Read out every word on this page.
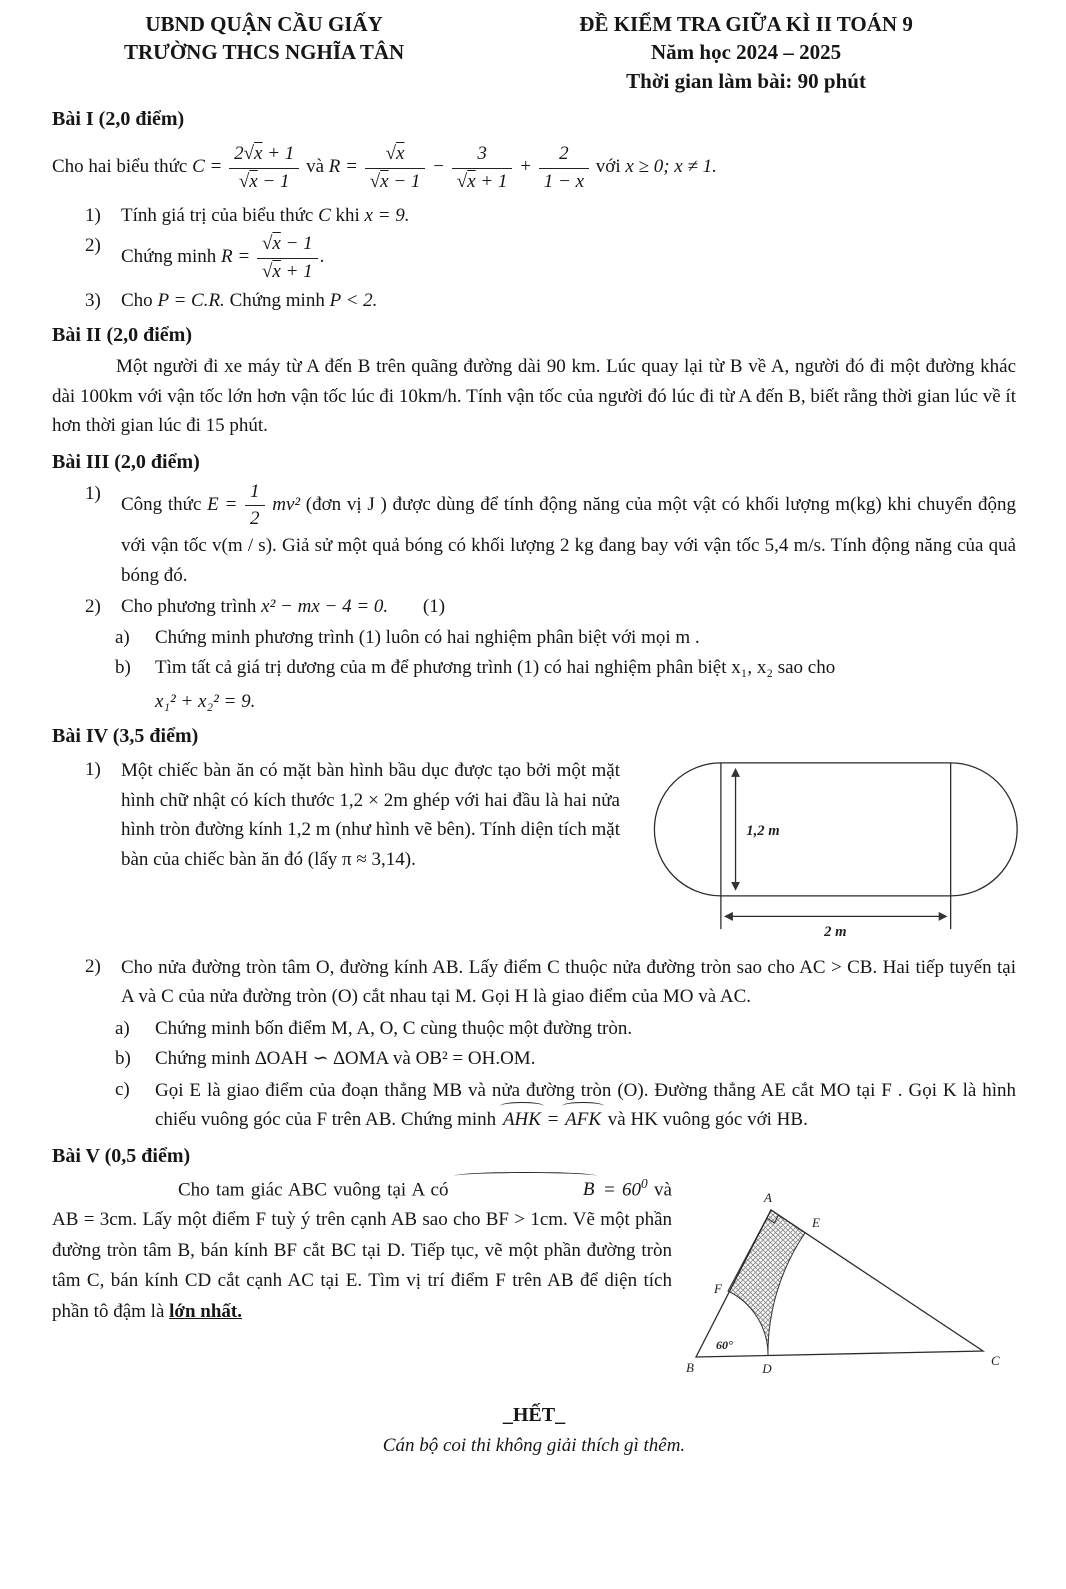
UBND QUẬN CẦU GIẤY
TRƯỜNG THCS NGHĨA TÂN
ĐỀ KIỂM TRA GIỮA KÌ II TOÁN 9
Năm học 2024 – 2025
Thời gian làm bài: 90 phút
Bài I (2,0 điểm)
Cho hai biểu thức $C = \frac{2√x + 1}{√x - 1}$ và $R = \frac{√x}{√x - 1} - \frac{3}{√x + 1} + \frac{2}{1 - x}$ với x ≥ 0; x ≠ 1.
1)	Tính giá trị của biểu thức C khi x = 9.
2)
Chứng minh $R = \frac{√x - 1}{√x + 1}$ .
3)	Cho P = C.R. Chứng minh P < 2.
Bài II (2,0 điểm)
Một người đi xe máy từ A đến B trên quãng đường dài 90 km. Lúc quay lại từ B về A, người đó đi một đường khác dài 100km với vận tốc lớn hơn vận tốc lúc đi 10km/h. Tính vận tốc của người đó lúc đi từ A đến B, biết rằng thời gian lúc về ít hơn thời gian lúc đi 15 phút.
Bài III (2,0 điểm)
1)
Công thức $E = \frac{1}{2} mv^2$ (đơn vị J ) được dùng để tính động năng của một vật có khối lượng m(kg) khi chuyển động với vận tốc v(m / s). Giả sử một quả bóng có khối lượng 2 kg đang bay với vận tốc 5,4 m/s. Tính động năng của quả bóng đó.
2)	Cho phương trình x² − mx − 4 = 0. (1)
a)	Chứng minh phương trình (1) luôn có hai nghiệm phân biệt với mọi m .
b)	Tìm tất cả giá trị dương của m để phương trình (1) có hai nghiệm phân biệt x₁, x₂ sao cho
x₁² + x₂² = 9.
Bài IV (3,5 điểm)
1)	Một chiếc bàn ăn có mặt bàn hình bầu dục được tạo bởi một mặt hình chữ nhật có kích thước 1,2 × 2m ghép với hai đầu là hai nửa hình tròn đường kính 1,2 m (như hình vẽ bên). Tính diện tích mặt bàn của chiếc bàn ăn đó (lấy π ≈ 3,14).
1,2 m
2 m
2)	Cho nửa đường tròn tâm O, đường kính AB. Lấy điểm C thuộc nửa đường tròn sao cho AC > CB. Hai tiếp tuyến tại A và C của nửa đường tròn (O) cắt nhau tại M. Gọi H là giao điểm của MO và AC.
a)	Chứng minh bốn điểm M, A, O, C cùng thuộc một đường tròn.
b)	Chứng minh ∆OAH ∽ ∆OMA và OB² = OH.OM.
c)	Gọi E là giao điểm của đoạn thẳng MB và nửa đường tròn (O). Đường thẳng AE cắt MO tại F . Gọi K là hình chiếu vuông góc của F trên AB. Chứng minh AHK = AFK và HK vuông góc với HB.
Bài V (0,5 điểm)
Cho tam giác ABC vuông tại A có	$B = 60^0$ và AB = 3cm. Lấy một điểm F tuỳ ý trên cạnh AB sao cho BF > 1cm. Vẽ một phần đường tròn tâm B, bán kính BF cắt BC tại D. Tiếp tục, vẽ một phần đường tròn tâm C, bán kính CD cắt cạnh AC tại E. Tìm vị trí điểm F trên AB để diện tích phần tô đậm là lớn nhất.
A
B	C
D
E
F
60°
_HẾT_
Cán bộ coi thi không giải thích gì thêm.
